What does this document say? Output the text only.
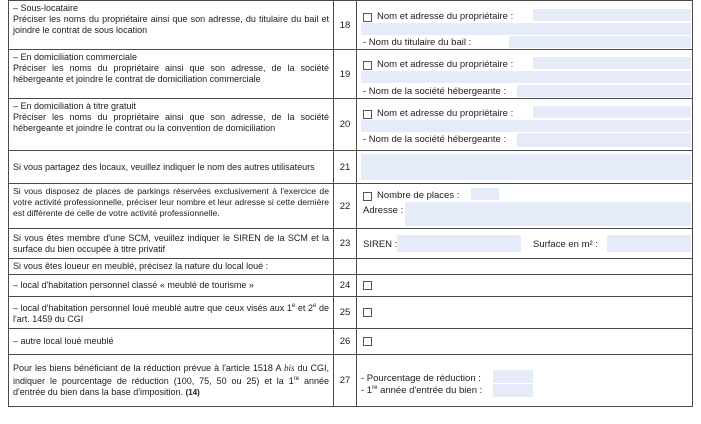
– Sous-locataire
Préciser les noms du propriétaire ainsi que son adresse, du titulaire du bail et joindre le contrat de sous location	18	Nom et adresse du propriétaire :
- Nom du titulaire du bail :

– En domiciliation commerciale
Préciser les noms du propriétaire ainsi que son adresse, de la société hébergeante et joindre le contrat de domiciliation commerciale	19	Nom et adresse du propriétaire :
- Nom de la société hébergeante :

– En domiciliation à titre gratuit
Préciser les noms du propriétaire ainsi que son adresse, de la société hébergeante et joindre le contrat ou la convention de domiciliation	20	Nom et adresse du propriétaire :
- Nom de la société hébergeante :

Si vous partagez des locaux, veuillez indiquer le nom des autres utilisateurs	21	

Si vous disposez de places de parkings réservées exclusivement à l'exercice de votre activité professionnelle, préciser leur nombre et leur adresse si cette dernière est différente de celle de votre activité professionnelle.	22	Nombre de places :
Adresse :

Si vous êtes membre d'une SCM, veuillez indiquer le SIREN de la SCM et la surface du bien occupée à titre privatif	23	SIREN : Surface en m² :

Si vous êtes loueur en meublé, précisez la nature du local loué :		
– local d'habitation personnel classé « meublé de tourisme »	24	

– local d'habitation personnel loué meublé autre que ceux visés aux 1e et 2e de l'art. 1459 du CGI	25	

– autre local loué meublé	26	

Pour les biens bénéficiant de la réduction prévue à l'article 1518 A bis du CGI, indiquer le pourcentage de réduction (100, 75, 50 ou 25) et la 1re année d'entrée du bien dans la base d'imposition. (14)	27	- Pourcentage de réduction :
- 1re année d'entrée du bien :
